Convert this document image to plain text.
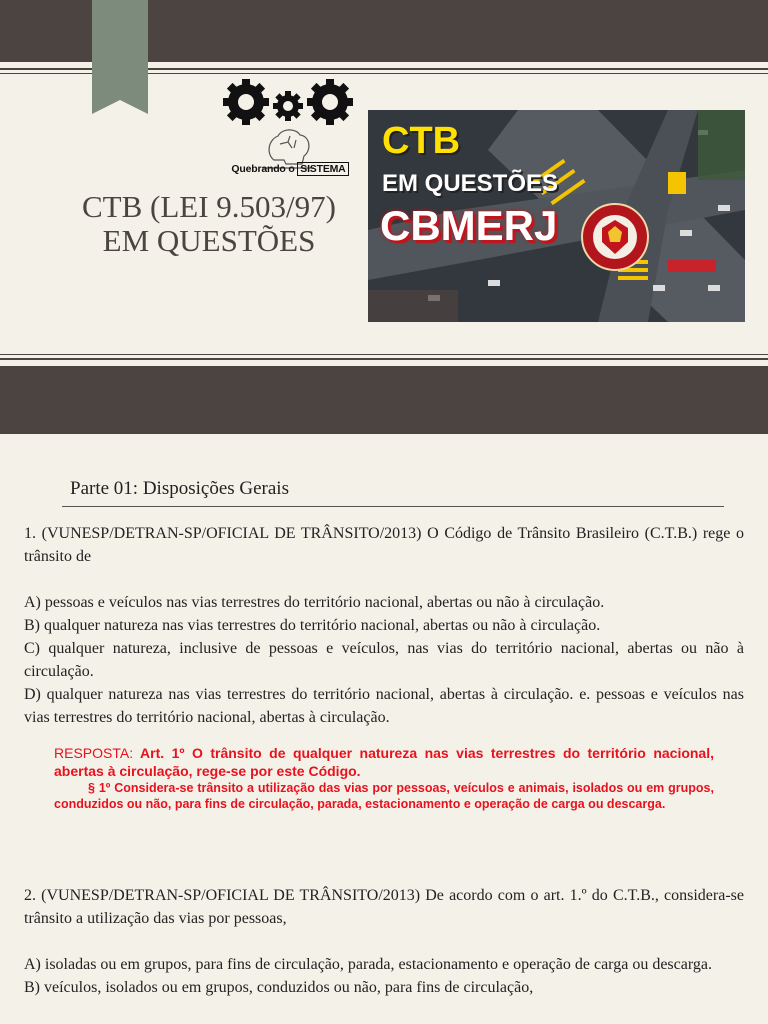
Quebrando o SISTEMA
CTB (LEI 9.503/97)
EM QUESTÕES
CTB
EM QUESTÕES
CBMERJ
Parte 01: Disposições Gerais

1. (VUNESP/DETRAN-SP/OFICIAL DE TRÂNSITO/2013) O Código de Trânsito Brasileiro (C.T.B.) rege o trânsito de

A) pessoas e veículos nas vias terrestres do território nacional, abertas ou não à circulação.

B) qualquer natureza nas vias terrestres do território nacional, abertas ou não à circulação.

C) qualquer natureza, inclusive de pessoas e veículos, nas vias do território nacional, abertas ou não à circulação.

D) qualquer natureza nas vias terrestres do território nacional, abertas à circulação. e. pessoas e veículos nas vias terrestres do território nacional, abertas à circulação.

RESPOSTA: Art. 1º O trânsito de qualquer natureza nas vias terrestres do território nacional, abertas à circulação, rege-se por este Código.
§ 1º Considera-se trânsito a utilização das vias por pessoas, veículos e animais, isolados ou em grupos, conduzidos ou não, para fins de circulação, parada, estacionamento e operação de carga ou descarga.

2. (VUNESP/DETRAN-SP/OFICIAL DE TRÂNSITO/2013) De acordo com o art. 1.º do C.T.B., considera-se trânsito a utilização das vias por pessoas,

A) isoladas ou em grupos, para fins de circulação, parada, estacionamento e operação de carga ou descarga.

B) veículos, isolados ou em grupos, conduzidos ou não, para fins de circulação,
